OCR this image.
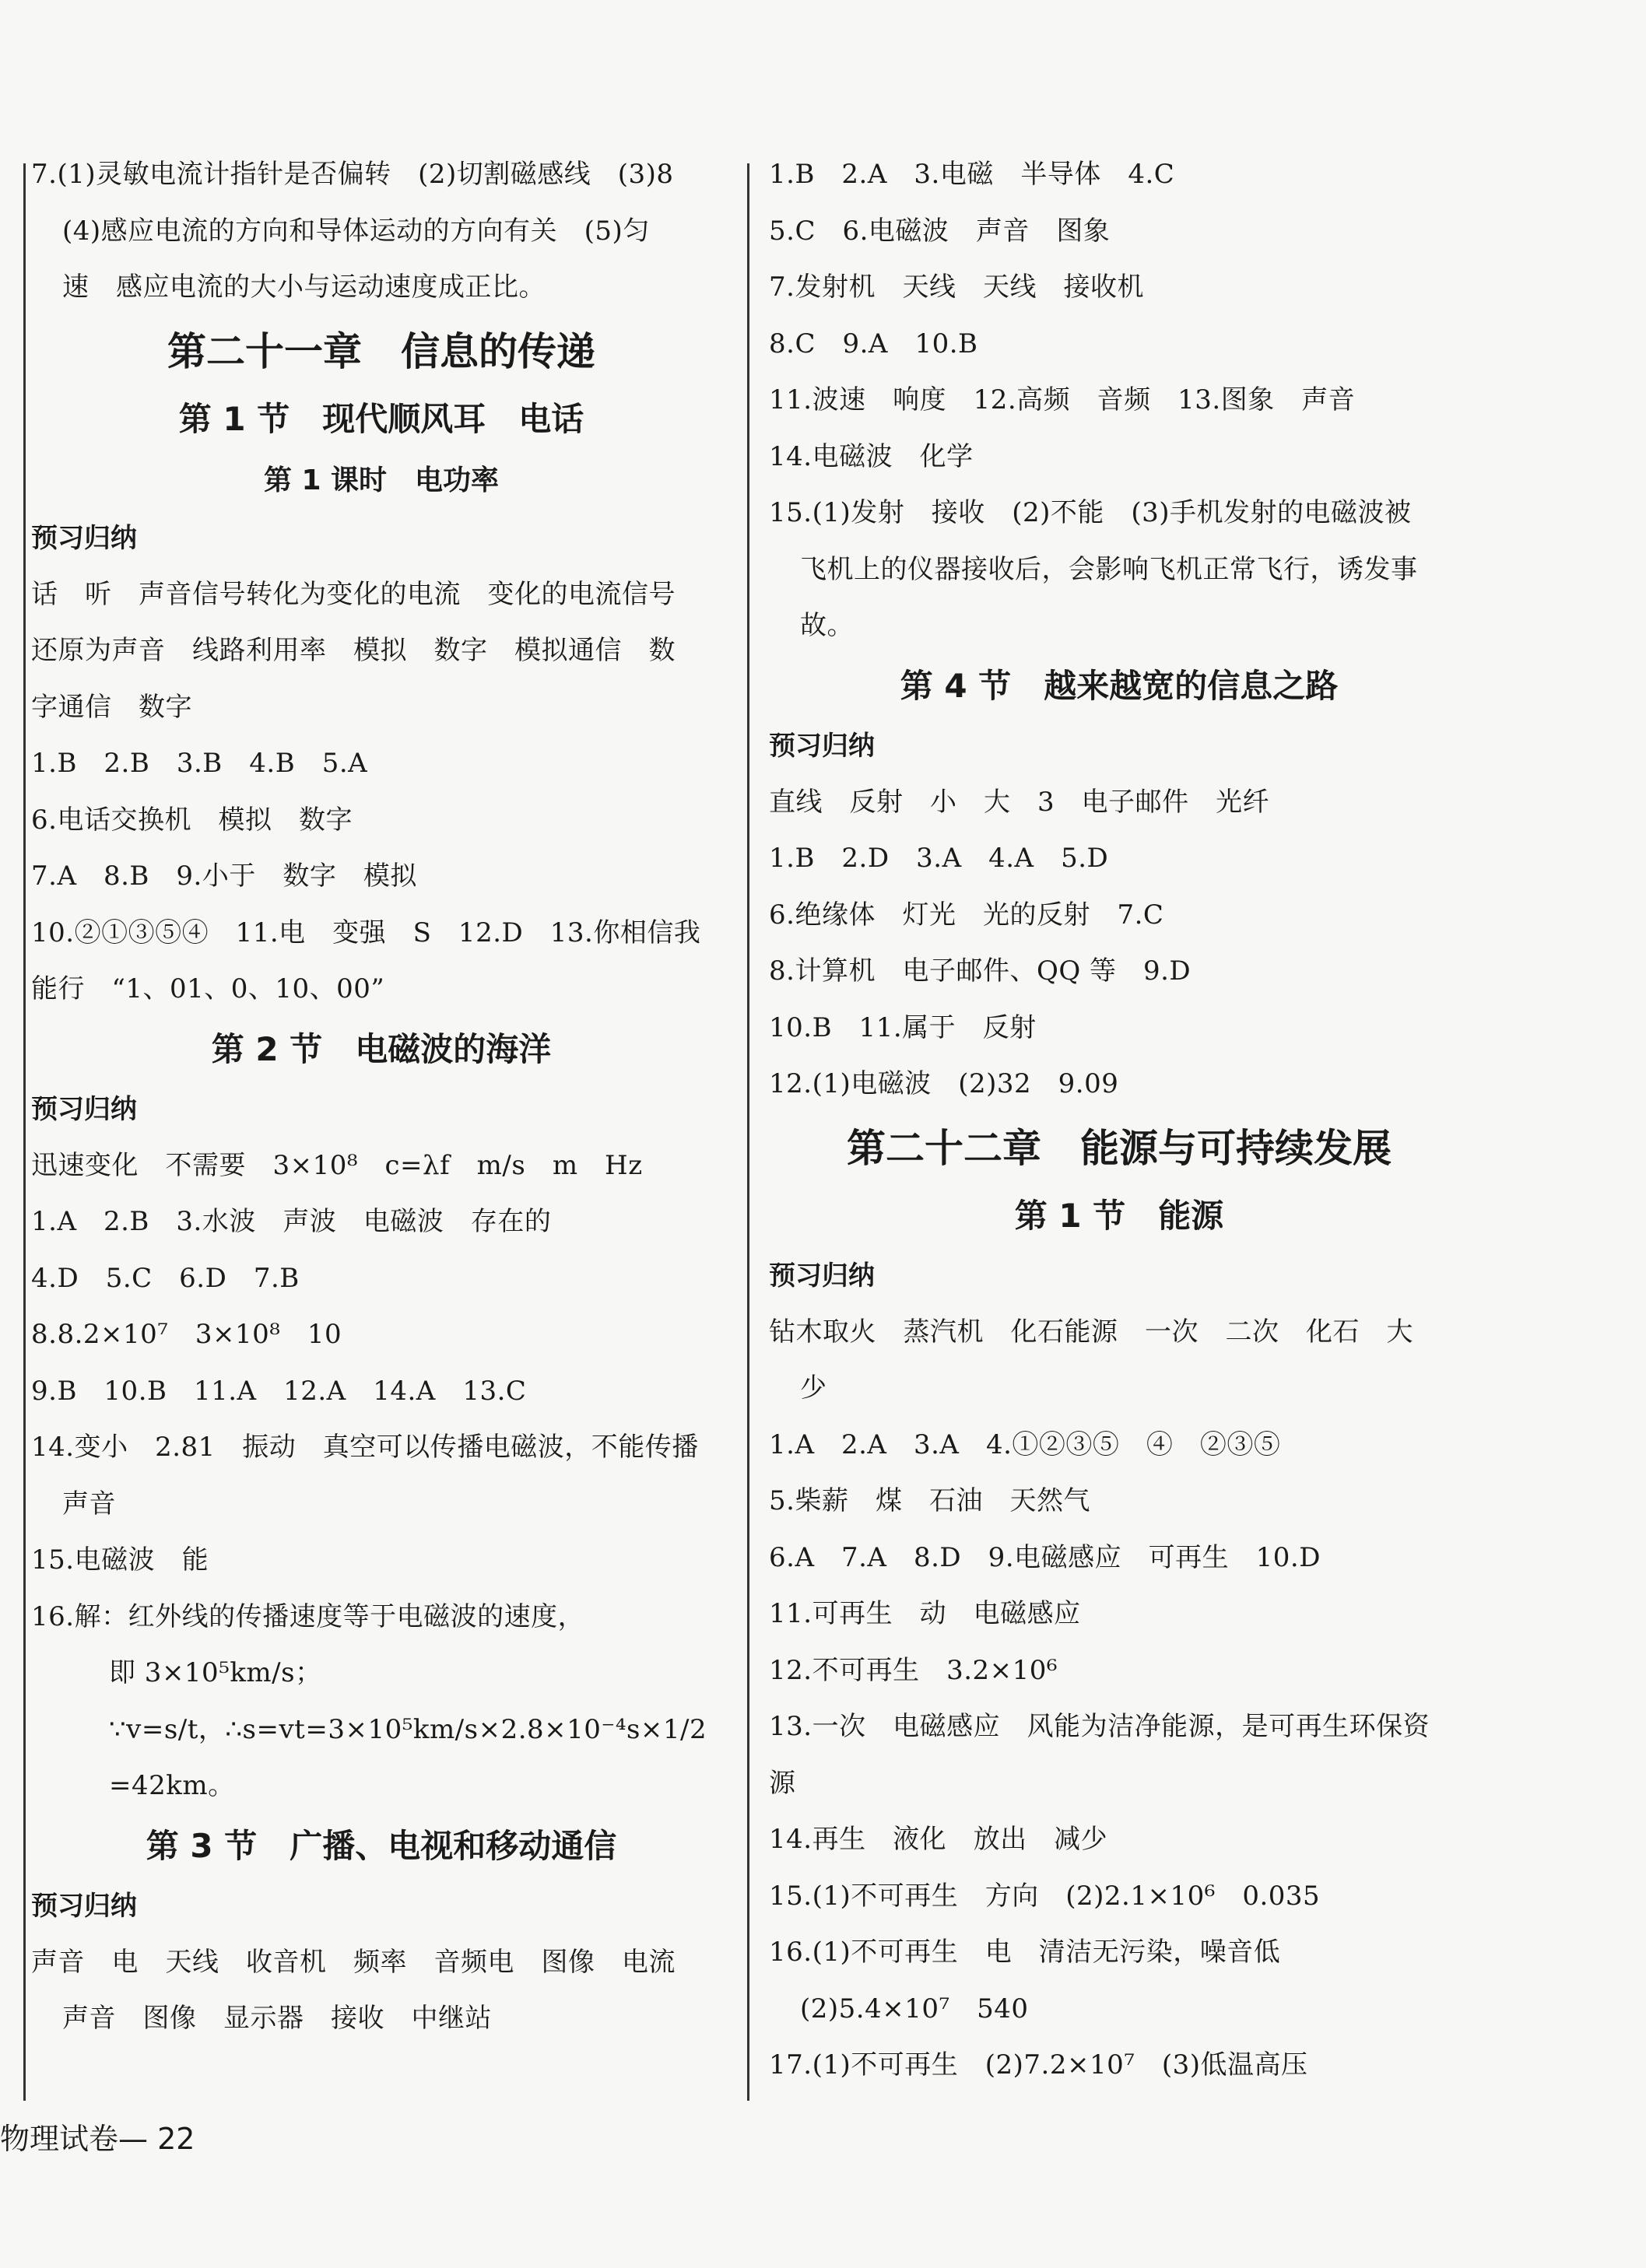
7.(1)灵敏电流计指针是否偏转　(2)切割磁感线　(3)8
(4)感应电流的方向和导体运动的方向有关　(5)匀
速　感应电流的大小与运动速度成正比。
第二十一章　信息的传递
第 1 节　现代顺风耳　电话
第 1 课时　电功率
预习归纳
话　听　声音信号转化为变化的电流　变化的电流信号
还原为声音　线路利用率　模拟　数字　模拟通信　数
字通信　数字
1.B　2.B　3.B　4.B　5.A
6.电话交换机　模拟　数字
7.A　8.B　9.小于　数字　模拟
10.②①③⑤④　11.电　变强　S　12.D　13.你相信我
能行　“1、01、0、10、00”
第 2 节　电磁波的海洋
预习归纳
迅速变化　不需要　3×10⁸　c=λf　m/s　m　Hz
1.A　2.B　3.水波　声波　电磁波　存在的
4.D　5.C　6.D　7.B
8.8.2×10⁷　3×10⁸　10
9.B　10.B　11.A　12.A　14.A　13.C
14.变小　2.81　振动　真空可以传播电磁波，不能传播
声音
15.电磁波　能
16.解：红外线的传播速度等于电磁波的速度，
即 3×10⁵km/s；
∵v=s/t，∴s=vt=3×10⁵km/s×2.8×10⁻⁴s×1/2
=42km。
第 3 节　广播、电视和移动通信
预习归纳
声音　电　天线　收音机　频率　音频电　图像　电流
声音　图像　显示器　接收　中继站
1.B　2.A　3.电磁　半导体　4.C
5.C　6.电磁波　声音　图象
7.发射机　天线　天线　接收机
8.C　9.A　10.B
11.波速　响度　12.高频　音频　13.图象　声音
14.电磁波　化学
15.(1)发射　接收　(2)不能　(3)手机发射的电磁波被
飞机上的仪器接收后，会影响飞机正常飞行，诱发事
故。
第 4 节　越来越宽的信息之路
预习归纳
直线　反射　小　大　3　电子邮件　光纤
1.B　2.D　3.A　4.A　5.D
6.绝缘体　灯光　光的反射　7.C
8.计算机　电子邮件、QQ 等　9.D
10.B　11.属于　反射
12.(1)电磁波　(2)32　9.09
第二十二章　能源与可持续发展
第 1 节　能源
预习归纳
钻木取火　蒸汽机　化石能源　一次　二次　化石　大
少
1.A　2.A　3.A　4.①②③⑤　④　②③⑤
5.柴薪　煤　石油　天然气
6.A　7.A　8.D　9.电磁感应　可再生　10.D
11.可再生　动　电磁感应
12.不可再生　3.2×10⁶
13.一次　电磁感应　风能为洁净能源，是可再生环保资
源
14.再生　液化　放出　减少
15.(1)不可再生　方向　(2)2.1×10⁶　0.035
16.(1)不可再生　电　清洁无污染，噪音低
(2)5.4×10⁷　540
17.(1)不可再生　(2)7.2×10⁷　(3)低温高压
物理试卷— 22
